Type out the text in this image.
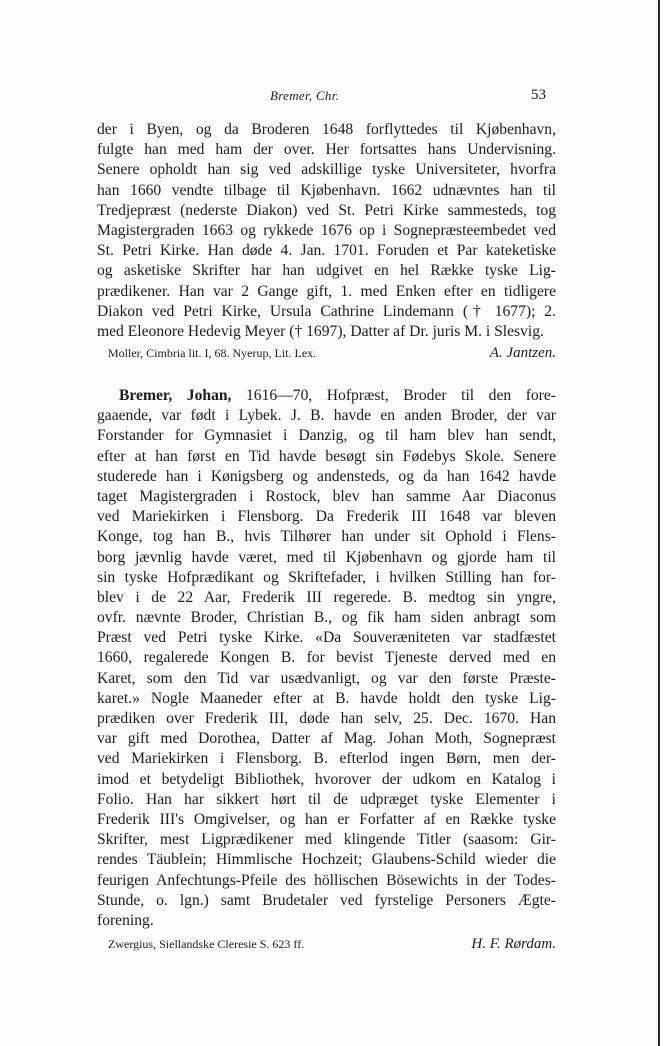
Bremer, Chr.	53
der i Byen, og da Broderen 1648 forflyttedes til Kjøbenhavn,
fulgte han med ham der over. Her fortsattes hans Undervisning.
Senere opholdt han sig ved adskillige tyske Universiteter, hvorfra
han 1660 vendte tilbage til Kjøbenhavn. 1662 udnævntes han til
Tredjepræst (nederste Diakon) ved St. Petri Kirke sammesteds, tog
Magistergraden 1663 og rykkede 1676 op i Sognepræsteembedet ved
St. Petri Kirke. Han døde 4. Jan. 1701. Foruden et Par kateketiske
og asketiske Skrifter har han udgivet en hel Række tyske Lig-
prædikener. Han var 2 Gange gift, 1. med Enken efter en tidligere
Diakon ved Petri Kirke, Ursula Cathrine Lindemann († 1677); 2.
med Eleonore Hedevig Meyer († 1697), Datter af Dr. juris M. i Slesvig.
Moller, Cimbria lit. I, 68. Nyerup, Lit. Lex.	A. Jantzen.
Bremer, Johan, 1616—70, Hofpræst, Broder til den fore-
gaaende, var født i Lybek. J. B. havde en anden Broder, der var
Forstander for Gymnasiet i Danzig, og til ham blev han sendt,
efter at han først en Tid havde besøgt sin Fødebys Skole. Senere
studerede han i Kønigsberg og andensteds, og da han 1642 havde
taget Magistergraden i Rostock, blev han samme Aar Diaconus
ved Mariekirken i Flensborg. Da Frederik III 1648 var bleven
Konge, tog han B., hvis Tilhører han under sit Ophold i Flens-
borg jævnlig havde været, med til Kjøbenhavn og gjorde ham til
sin tyske Hofprædikant og Skriftefader, i hvilken Stilling han for-
blev i de 22 Aar, Frederik III regerede. B. medtog sin yngre,
ovfr. nævnte Broder, Christian B., og fik ham siden anbragt som
Præst ved Petri tyske Kirke. «Da Souveræniteten var stadfæstet
1660, regalerede Kongen B. for bevist Tjeneste derved med en
Karet, som den Tid var usædvanligt, og var den første Præste-
karet.» Nogle Maaneder efter at B. havde holdt den tyske Lig-
prædiken over Frederik III, døde han selv, 25. Dec. 1670. Han
var gift med Dorothea, Datter af Mag. Johan Moth, Sognepræst
ved Mariekirken i Flensborg. B. efterlod ingen Børn, men der-
imod et betydeligt Bibliothek, hvorover der udkom en Katalog i
Folio. Han har sikkert hørt til de udpræget tyske Elementer i
Frederik III's Omgivelser, og han er Forfatter af en Række tyske
Skrifter, mest Ligprædikener med klingende Titler (saasom: Gir-
rendes Täublein; Himmlische Hochzeit; Glaubens-Schild wieder die
feurigen Anfechtungs-Pfeile des höllischen Bösewichts in der Todes-
Stunde, o. lgn.) samt Brudetaler ved fyrstelige Personers Ægte-
forening.
Zwergius, Siellandske Cleresie S. 623 ff.	H. F. Rørdam.
